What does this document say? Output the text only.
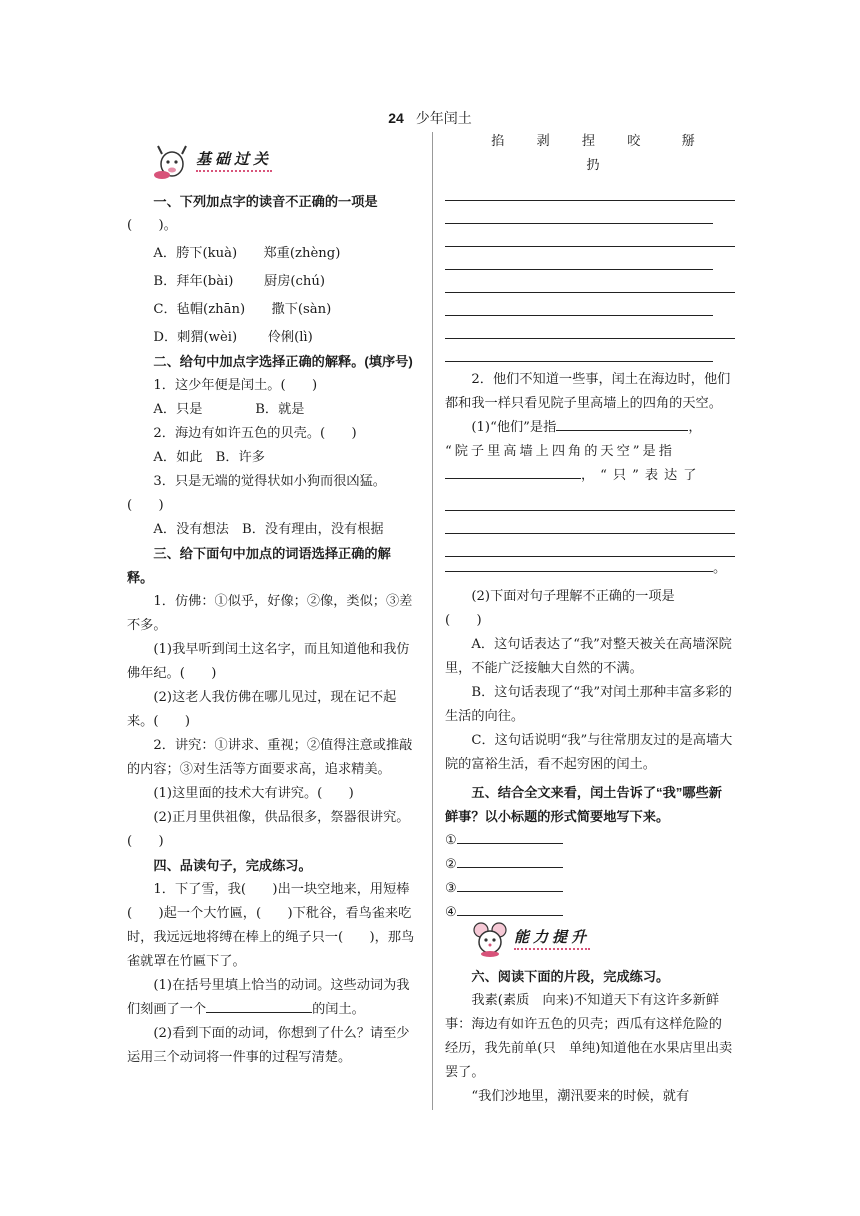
24 少年闰土
基础过关

一、下列加点字的读音不正确的一项是

(　　)。

A．胯下(kuà)　　郑重(zhèng)

B．拜年(bài)　　 厨房(chú)

C．毡帽(zhān)　　撒下(sàn)

D．刺猬(wèi)　　 伶俐(lì)

二、给句中加点字选择正确的解释。(填序号)

1．这少年便是闰土。(　　)

A．只是　　　　B．就是

2．海边有如许五色的贝壳。(　　)

A．如此　B．许多

3．只是无端的觉得状如小狗而很凶猛。

(　　)

A．没有想法　B．没有理由，没有根据

三、给下面句中加点的词语选择正确的解释。

1．仿佛：①似乎，好像；②像，类似；③差不多。

(1)我早听到闰土这名字，而且知道他和我仿佛年纪。(　　)

(2)这老人我仿佛在哪儿见过，现在记不起来。(　　)

2．讲究：①讲求、重视；②值得注意或推敲的内容；③对生活等方面要求高，追求精美。

(1)这里面的技术大有讲究。(　　)

(2)正月里供祖像，供品很多，祭器很讲究。(　　)

四、品读句子，完成练习。

1．下了雪，我(　　)出一块空地来，用短棒(　　)起一个大竹匾，(　　)下秕谷，看鸟雀来吃时，我远远地将缚在棒上的绳子只一(　　)，那鸟雀就罩在竹匾下了。

(1)在括号里填上恰当的动词。这些动词为我们刻画了一个	的闰土。

(2)看到下面的动词，你想到了什么？请至少运用三个动词将一件事的过程写清楚。

掐 剥 捏 咬　掰　扔

2．他们不知道一些事，闰土在海边时，他们都和我一样只看见院子里高墙上的四角的天空。

(1)“他们”是指	，

“院子里高墙上四角的天空”是指

，“只”表达了

。

(2)下面对句子理解不正确的一项是

(　　)

A．这句话表达了“我”对整天被关在高墙深院里，不能广泛接触大自然的不满。

B．这句话表现了“我”对闰土那种丰富多彩的生活的向往。

C．这句话说明“我”与往常朋友过的是高墙大院的富裕生活，看不起穷困的闰土。

五、结合全文来看，闰土告诉了“我”哪些新鲜事？以小标题的形式简要地写下来。

①

②

③

④

六、阅读下面的片段，完成练习。

我素(素质　向来)不知道天下有这许多新鲜事：海边有如许五色的贝壳；西瓜有这样危险的经历，我先前单(只　单纯)知道他在水果店里出卖罢了。

“我们沙地里，潮汛要来的时候，就有

能力提升
